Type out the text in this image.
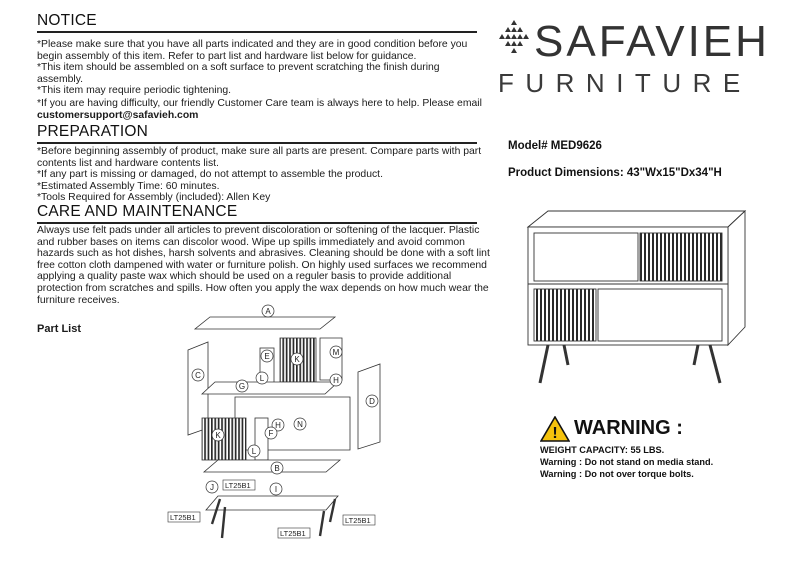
NOTICE

*Please make sure that you have all parts indicated and they are in good condition before you begin assembly of this item. Refer to part list and hardware list below for guidance.

*This item should be assembled on a soft surface to prevent scratching the finish during assembly.

*This item may require periodic tightening.

*If you are having difficulty, our friendly Customer Care team is always here to help. Please email

customersupport@safavieh.com

PREPARATION

*Before beginning assembly of product, make sure all parts are present. Compare parts with part contents list and hardware contents list.

*If any part is missing or damaged, do not attempt to assemble the product.

*Estimated Assembly Time: 60 minutes.

*Tools Required for Assembly (included): Allen Key

CARE AND MAINTENANCE

Always use felt pads under all articles to prevent discoloration or softening of the lacquer. Plastic and rubber bases on items can discolor wood. Wipe up spills immediately and avoid common hazards such as hot dishes, harsh solvents and abrasives. Cleaning should be done with a soft lint free cotton cloth dampened with water or furniture polish. On highly used surfaces we recommend applying a quality paste wax which should be used on a reguler basis to provide additional protection from scratches and spills. How often you apply the wax depends on how much wear the furniture receives.

Part List
A
C
D
E	K
M
L	H
G
H N
K	F
L
B
I
J LT25B1
LT25B1	LT25B1
LT25B1
SAFAVIEH
FURNITURE
Model# MED9626
Product Dimensions: 43"Wx15"Dx34"H
! WARNING :
WEIGHT CAPACITY: 55 LBS.
Warning : Do not stand on media stand.
Warning : Do not over torque bolts.
